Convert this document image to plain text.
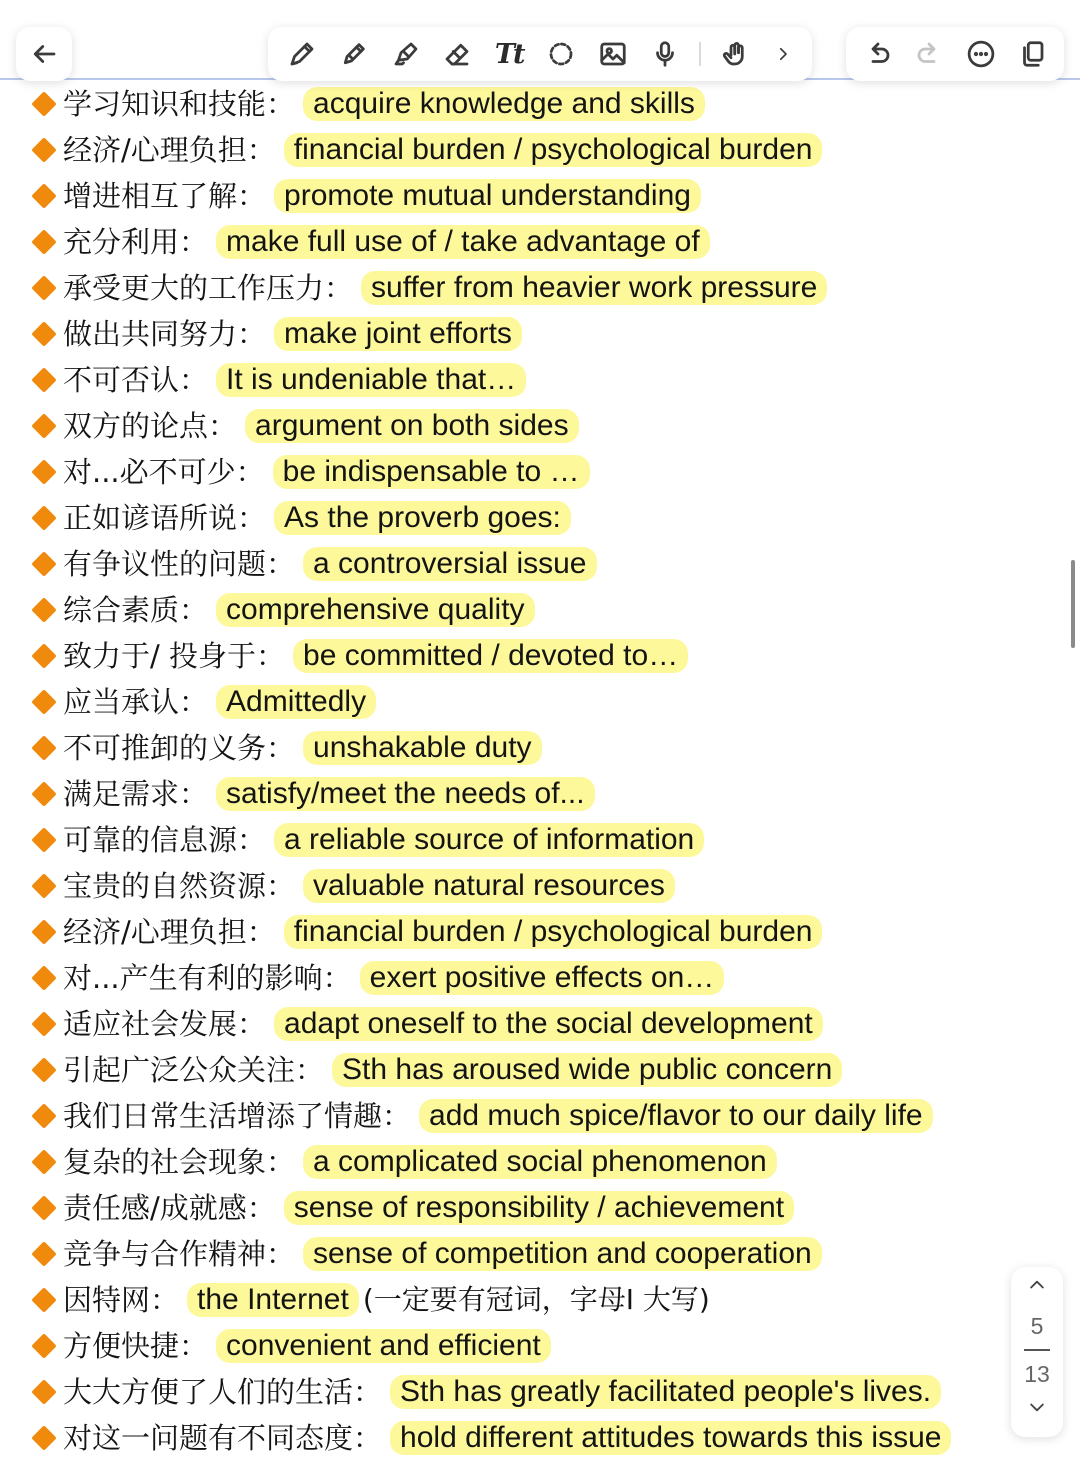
Tt
学习知识和技能 ： acquire knowledge and skills
经济/心理负担 ： financial burden / psychological burden
增进相互了解 ： promote mutual understanding
充分利用 ： make full use of / take advantage of
承受更大的工作压力 ： suffer from heavier work pressure
做出共同努力 ： make joint efforts
不可否认 ： It is undeniable that…
双方的论点 ： argument on both sides
对...必不可少 ： be indispensable to …
正如谚语所说 ： As the proverb goes:
有争议性的问题 ： a controversial issue
综合素质 ： comprehensive quality
致力于/ 投身于 ： be committed / devoted to…
应当承认 ： Admittedly
不可推卸的义务 ： unshakable duty
满足需求 ： satisfy/meet the needs of...
可靠的信息源 ： a reliable source of information
宝贵的自然资源 ： valuable natural resources
经济/心理负担 ： financial burden / psychological burden
对...产生有利的影响 ： exert positive effects on…
适应社会发展 ： adapt oneself to the social development
引起广泛公众关注 ： Sth has aroused wide public concern
我们日常生活增添了情趣 ： add much spice/flavor to our daily life
复杂的社会现象 ： a complicated social phenomenon
责任感/成就感 ： sense of responsibility / achievement
竞争与合作精神 ： sense of competition and cooperation
因特网 ： the Internet (一定要有冠词，字母I 大写)
方便快捷 ： convenient and efficient
大大方便了人们的生活 ： Sth has greatly facilitated people's lives.
对这一问题有不同态度 ： hold different attitudes towards this issue
5
13
